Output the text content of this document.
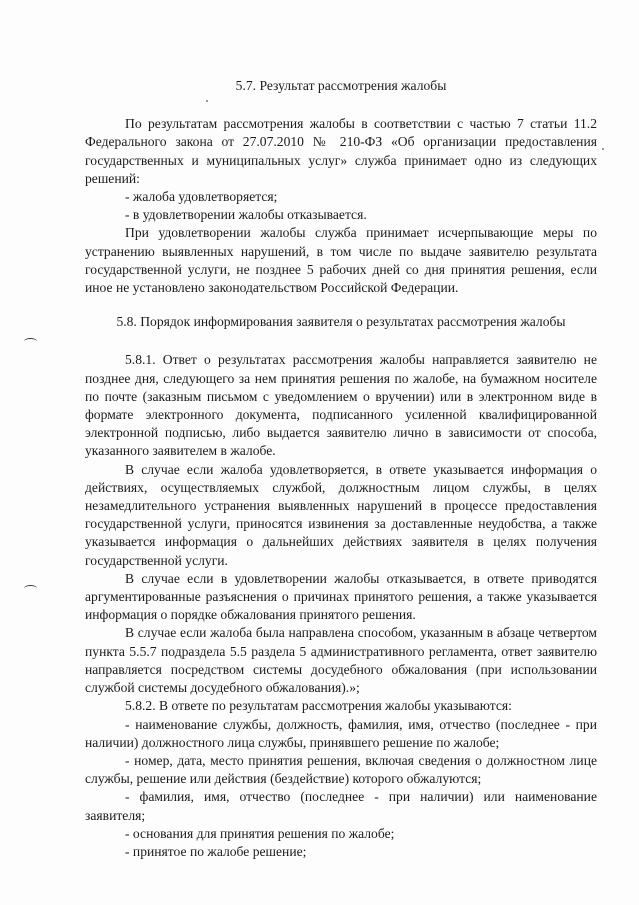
5.7. Результат рассмотрения жалобы

По результатам рассмотрения жалобы в соответствии с частью 7 статьи 11.2 Федерального закона от 27.07.2010 № 210-ФЗ «Об организации предоставления государственных и муниципальных услуг» служба принимает одно из следующих решений:

- жалоба удовлетворяется;

- в удовлетворении жалобы отказывается.

При удовлетворении жалобы служба принимает исчерпывающие меры по устранению выявленных нарушений, в том числе по выдаче заявителю результата государственной услуги, не позднее 5 рабочих дней со дня принятия решения, если иное не установлено законодательством Российской Федерации.

5.8. Порядок информирования заявителя о результатах рассмотрения жалобы

5.8.1. Ответ о результатах рассмотрения жалобы направляется заявителю не позднее дня, следующего за нем принятия решения по жалобе, на бумажном носителе по почте (заказным письмом с уведомлением о вручении) или в электронном виде в формате электронного документа, подписанного усиленной квалифицированной электронной подписью, либо выдается заявителю лично в зависимости от способа, указанного заявителем в жалобе.

В случае если жалоба удовлетворяется, в ответе указывается информация о действиях, осуществляемых службой, должностным лицом службы, в целях незамедлительного устранения выявленных нарушений в процессе предоставления государственной услуги, приносятся извинения за доставленные неудобства, а также указывается информация о дальнейших действиях заявителя в целях получения государственной услуги.

В случае если в удовлетворении жалобы отказывается, в ответе приводятся аргументированные разъяснения о причинах принятого решения, а также указывается информация о порядке обжалования принятого решения.

В случае если жалоба была направлена способом, указанным в абзаце четвертом пункта 5.5.7 подраздела 5.5 раздела 5 административного регламента, ответ заявителю направляется посредством системы досудебного обжалования (при использовании службой системы досудебного обжалования).»;

5.8.2. В ответе по результатам рассмотрения жалобы указываются:

- наименование службы, должность, фамилия, имя, отчество (последнее - при наличии) должностного лица службы, принявшего решение по жалобе;

- номер, дата, место принятия решения, включая сведения о должностном лице службы, решение или действия (бездействие) которого обжалуются;

- фамилия, имя, отчество (последнее - при наличии) или наименование заявителя;

- основания для принятия решения по жалобе;

- принятое по жалобе решение;
